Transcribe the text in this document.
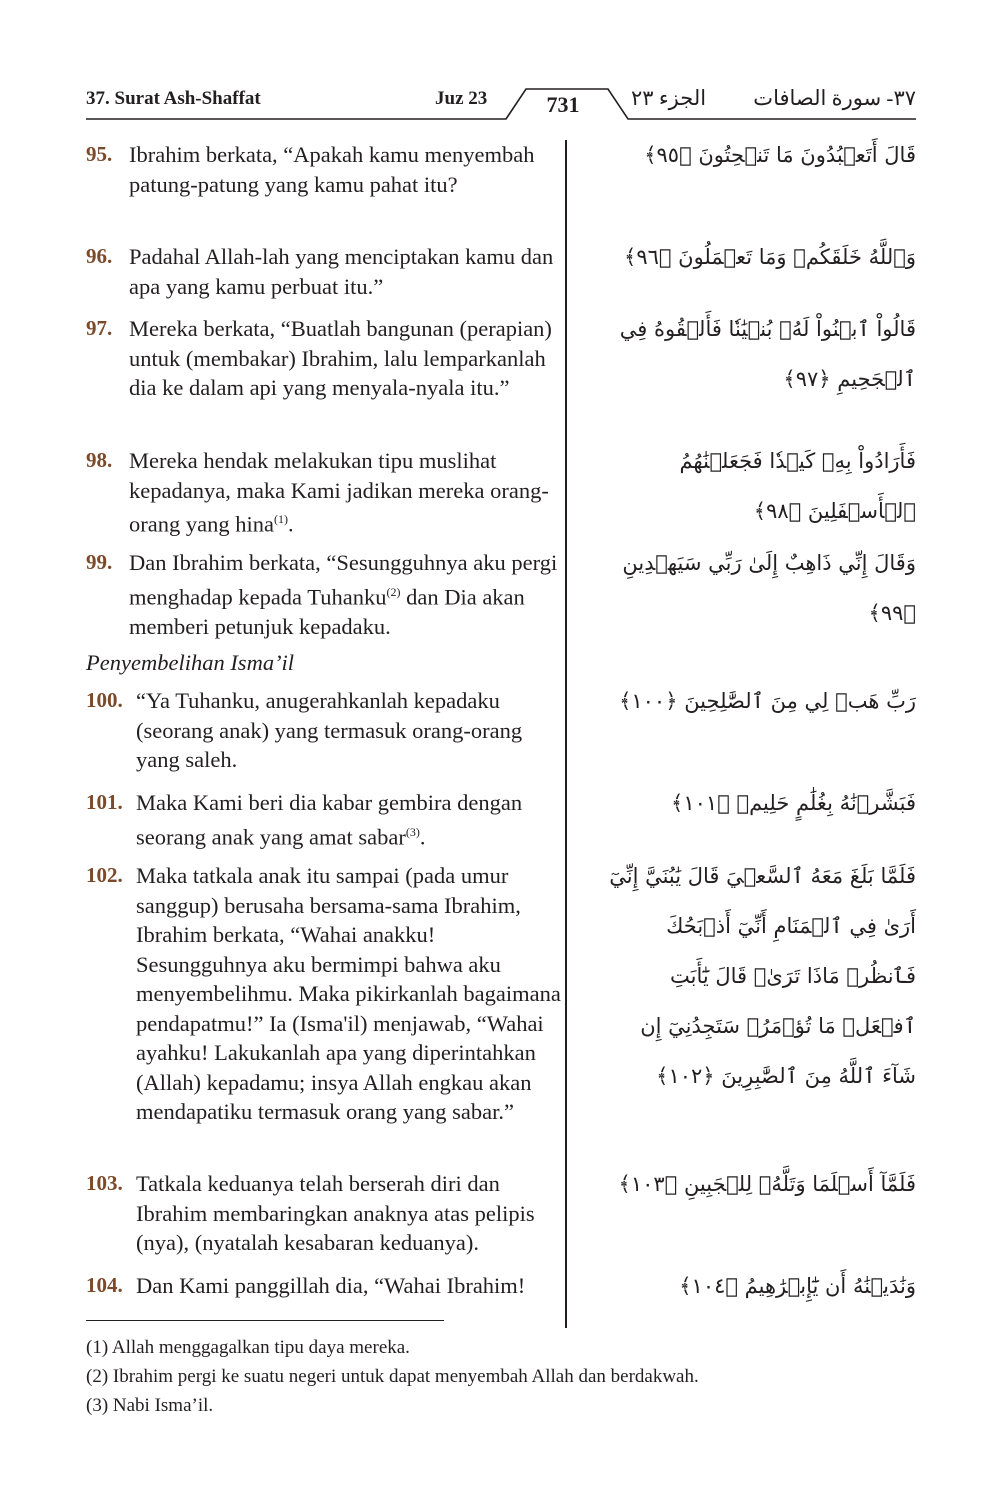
37. Surat Ash-Shaffat	Juz 23	731	الجزء ٢٣ ٣٧- سورة الصافات
95. Ibrahim berkata, “Apakah kamu menyembah patung-patung yang kamu pahat itu?
قَالَ أَتَعۡبُدُونَ مَا تَنۡحِتُونَ ﴿٩٥﴾
96. Padahal Allah-lah yang menciptakan kamu dan apa yang kamu perbuat itu.”
وَٱللَّهُ خَلَقَكُمۡ وَمَا تَعۡمَلُونَ ﴿٩٦﴾
97. Mereka berkata, “Buatlah bangunan (perapian) untuk (membakar) Ibrahim, lalu lemparkanlah dia ke dalam api yang menyala-nyala itu.”
قَالُواْ ٱبۡنُواْ لَهُۥ بُنۡيَٰنٗا فَأَلۡقُوهُ فِي ٱلۡجَحِيمِ ﴿٩٧﴾
98. Mereka hendak melakukan tipu muslihat kepadanya, maka Kami jadikan mereka orang-orang yang hina$^{(1)}$.
فَأَرَادُواْ بِهِۦ كَيۡدٗا فَجَعَلۡنَٰهُمُ ٱلۡأَسۡفَلِينَ ﴿٩٨﴾
99. Dan Ibrahim berkata, “Sesungguhnya aku pergi menghadap kepada Tuhanku$^{(2)}$ dan Dia akan memberi petunjuk kepadaku.
وَقَالَ إِنِّي ذَاهِبٌ إِلَىٰ رَبِّي سَيَهۡدِينِ ﴿٩٩﴾
Penyembelihan Isma’il
100. “Ya Tuhanku, anugerahkanlah kepadaku (seorang anak) yang termasuk orang-orang yang saleh.
رَبِّ هَبۡ لِي مِنَ ٱلصَّٰلِحِينَ ﴿١٠٠﴾
101. Maka Kami beri dia kabar gembira dengan seorang anak yang amat sabar$^{(3)}$.
فَبَشَّرۡنَٰهُ بِغُلَٰمٍ حَلِيمٖ ﴿١٠١﴾
102. Maka tatkala anak itu sampai (pada umur sanggup) berusaha bersama-sama Ibrahim, Ibrahim berkata, “Wahai anakku! Sesungguhnya aku bermimpi bahwa aku menyembelihmu. Maka pikirkanlah bagaimana pendapatmu!” Ia (Isma'il) menjawab, “Wahai ayahku! Lakukanlah apa yang diperintahkan (Allah) kepadamu; insya Allah engkau akan mendapatiku termasuk orang yang sabar.”
فَلَمَّا بَلَغَ مَعَهُ ٱلسَّعۡيَ قَالَ يَٰبُنَيَّ إِنِّيٓ أَرَىٰ فِي ٱلۡمَنَامِ أَنِّيٓ أَذۡبَحُكَ فَٱنظُرۡ مَاذَا تَرَىٰۚ قَالَ يَٰٓأَبَتِ ٱفۡعَلۡ مَا تُؤۡمَرُۖ سَتَجِدُنِيٓ إِن شَآءَ ٱللَّهُ مِنَ ٱلصَّٰبِرِينَ ﴿١٠٢﴾
103. Tatkala keduanya telah berserah diri dan Ibrahim membaringkan anaknya atas pelipis (nya), (nyatalah kesabaran keduanya).
فَلَمَّآ أَسۡلَمَا وَتَلَّهُۥ لِلۡجَبِينِ ﴿١٠٣﴾
104. Dan Kami panggillah dia, “Wahai Ibrahim!	وَنَٰدَيۡنَٰهُ أَن يَٰٓإِبۡرَٰهِيمُ ﴿١٠٤﴾
(1) Allah menggagalkan tipu daya mereka.
(2) Ibrahim pergi ke suatu negeri untuk dapat menyembah Allah dan berdakwah.
(3) Nabi Isma’il.
